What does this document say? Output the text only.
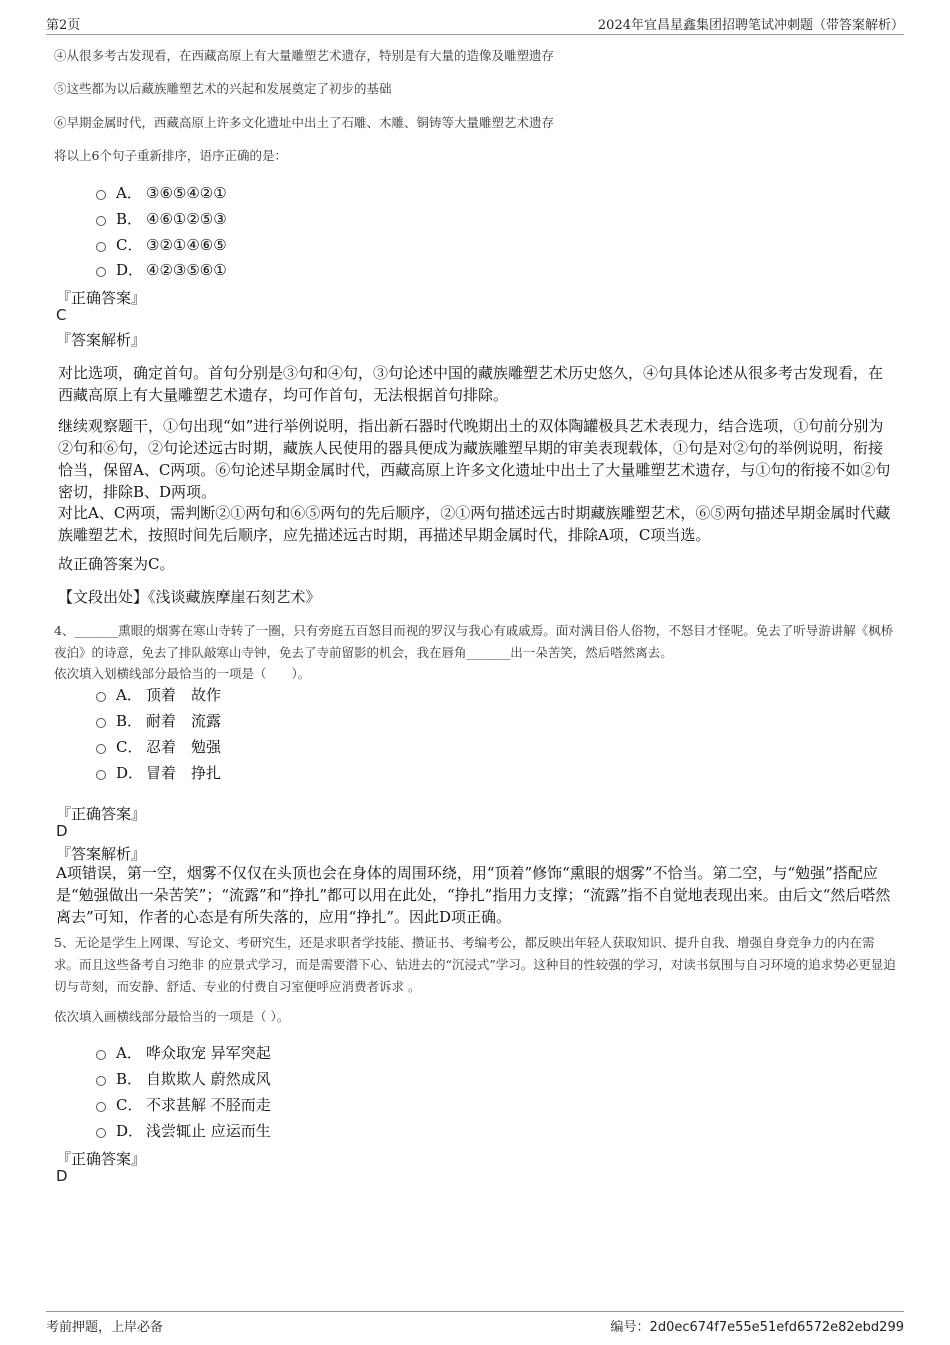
第2页	2024年宜昌星鑫集团招聘笔试冲刺题（带答案解析）
④从很多考古发现看，在西藏高原上有大量雕塑艺术遗存，特别是有大量的造像及雕塑遗存
⑤这些都为以后藏族雕塑艺术的兴起和发展奠定了初步的基础
⑥早期金属时代，西藏高原上许多文化遗址中出土了石雕、木雕、铜铸等大量雕塑艺术遗存
将以上6个句子重新排序，语序正确的是：
A． ③⑥⑤④②①
B． ④⑥①②⑤③
C． ③②①④⑥⑤
D． ④②③⑤⑥①
『正确答案』
C
『答案解析』
对比选项，确定首句。首句分别是③句和④句，③句论述中国的藏族雕塑艺术历史悠久，④句具体论述从很多考古发现看，在西藏高原上有大量雕塑艺术遗存，均可作首句，无法根据首句排除。
继续观察题干，①句出现“如”进行举例说明，指出新石器时代晚期出土的双体陶罐极具艺术表现力，结合选项，①句前分别为②句和⑥句，②句论述远古时期，藏族人民使用的器具便成为藏族雕塑早期的审美表现载体，①句是对②句的举例说明，衔接恰当，保留A、C两项。⑥句论述早期金属时代，西藏高原上许多文化遗址中出土了大量雕塑艺术遗存，与①句的衔接不如②句密切，排除B、D两项。
对比A、C两项，需判断②①两句和⑥⑤两句的先后顺序，②①两句描述远古时期藏族雕塑艺术，⑥⑤两句描述早期金属时代藏族雕塑艺术，按照时间先后顺序，应先描述远古时期，再描述早期金属时代，排除A项，C项当选。
故正确答案为C。
【文段出处】《浅谈藏族摩崖石刻艺术》
4、_______熏眼的烟雾在寒山寺转了一圈，只有旁庭五百怒目而视的罗汉与我心有戚戚焉。面对满目俗人俗物，不怒目才怪呢。免去了听导游讲解《枫桥夜泊》的诗意，免去了排队敲寒山寺钟，免去了寺前留影的机会，我在唇角_______出一朵苦笑，然后嗒然离去。
依次填入划横线部分最恰当的一项是（　　）。
A． 顶着　故作
B． 耐着　流露
C． 忍着　勉强
D． 冒着　挣扎
『正确答案』
D
『答案解析』
A项错误，第一空，烟雾不仅仅在头顶也会在身体的周围环绕，用“顶着”修饰“熏眼的烟雾”不恰当。第二空，与“勉强”搭配应是“勉强做出一朵苦笑”；“流露”和“挣扎”都可以用在此处，“挣扎”指用力支撑；“流露”指不自觉地表现出来。由后文“然后嗒然离去”可知，作者的心态是有所失落的，应用“挣扎”。因此D项正确。
5、无论是学生上网课、写论文、考研究生，还是求职者学技能、攒证书、考编考公，都反映出年轻人获取知识、提升自我、增强自身竞争力的内在需求。而且这些备考自习绝非 的应景式学习，而是需要潜下心、钻进去的“沉浸式”学习。这种目的性较强的学习，对读书氛围与自习环境的追求势必更显迫切与苛刻，而安静、舒适、专业的付费自习室便呼应消费者诉求 。
依次填入画横线部分最恰当的一项是（ ）。
A． 哗众取宠 异军突起
B． 自欺欺人 蔚然成风
C． 不求甚解 不胫而走
D． 浅尝辄止 应运而生
『正确答案』
D
考前押题，上岸必备	编号：2d0ec674f7e55e51efd6572e82ebd299
